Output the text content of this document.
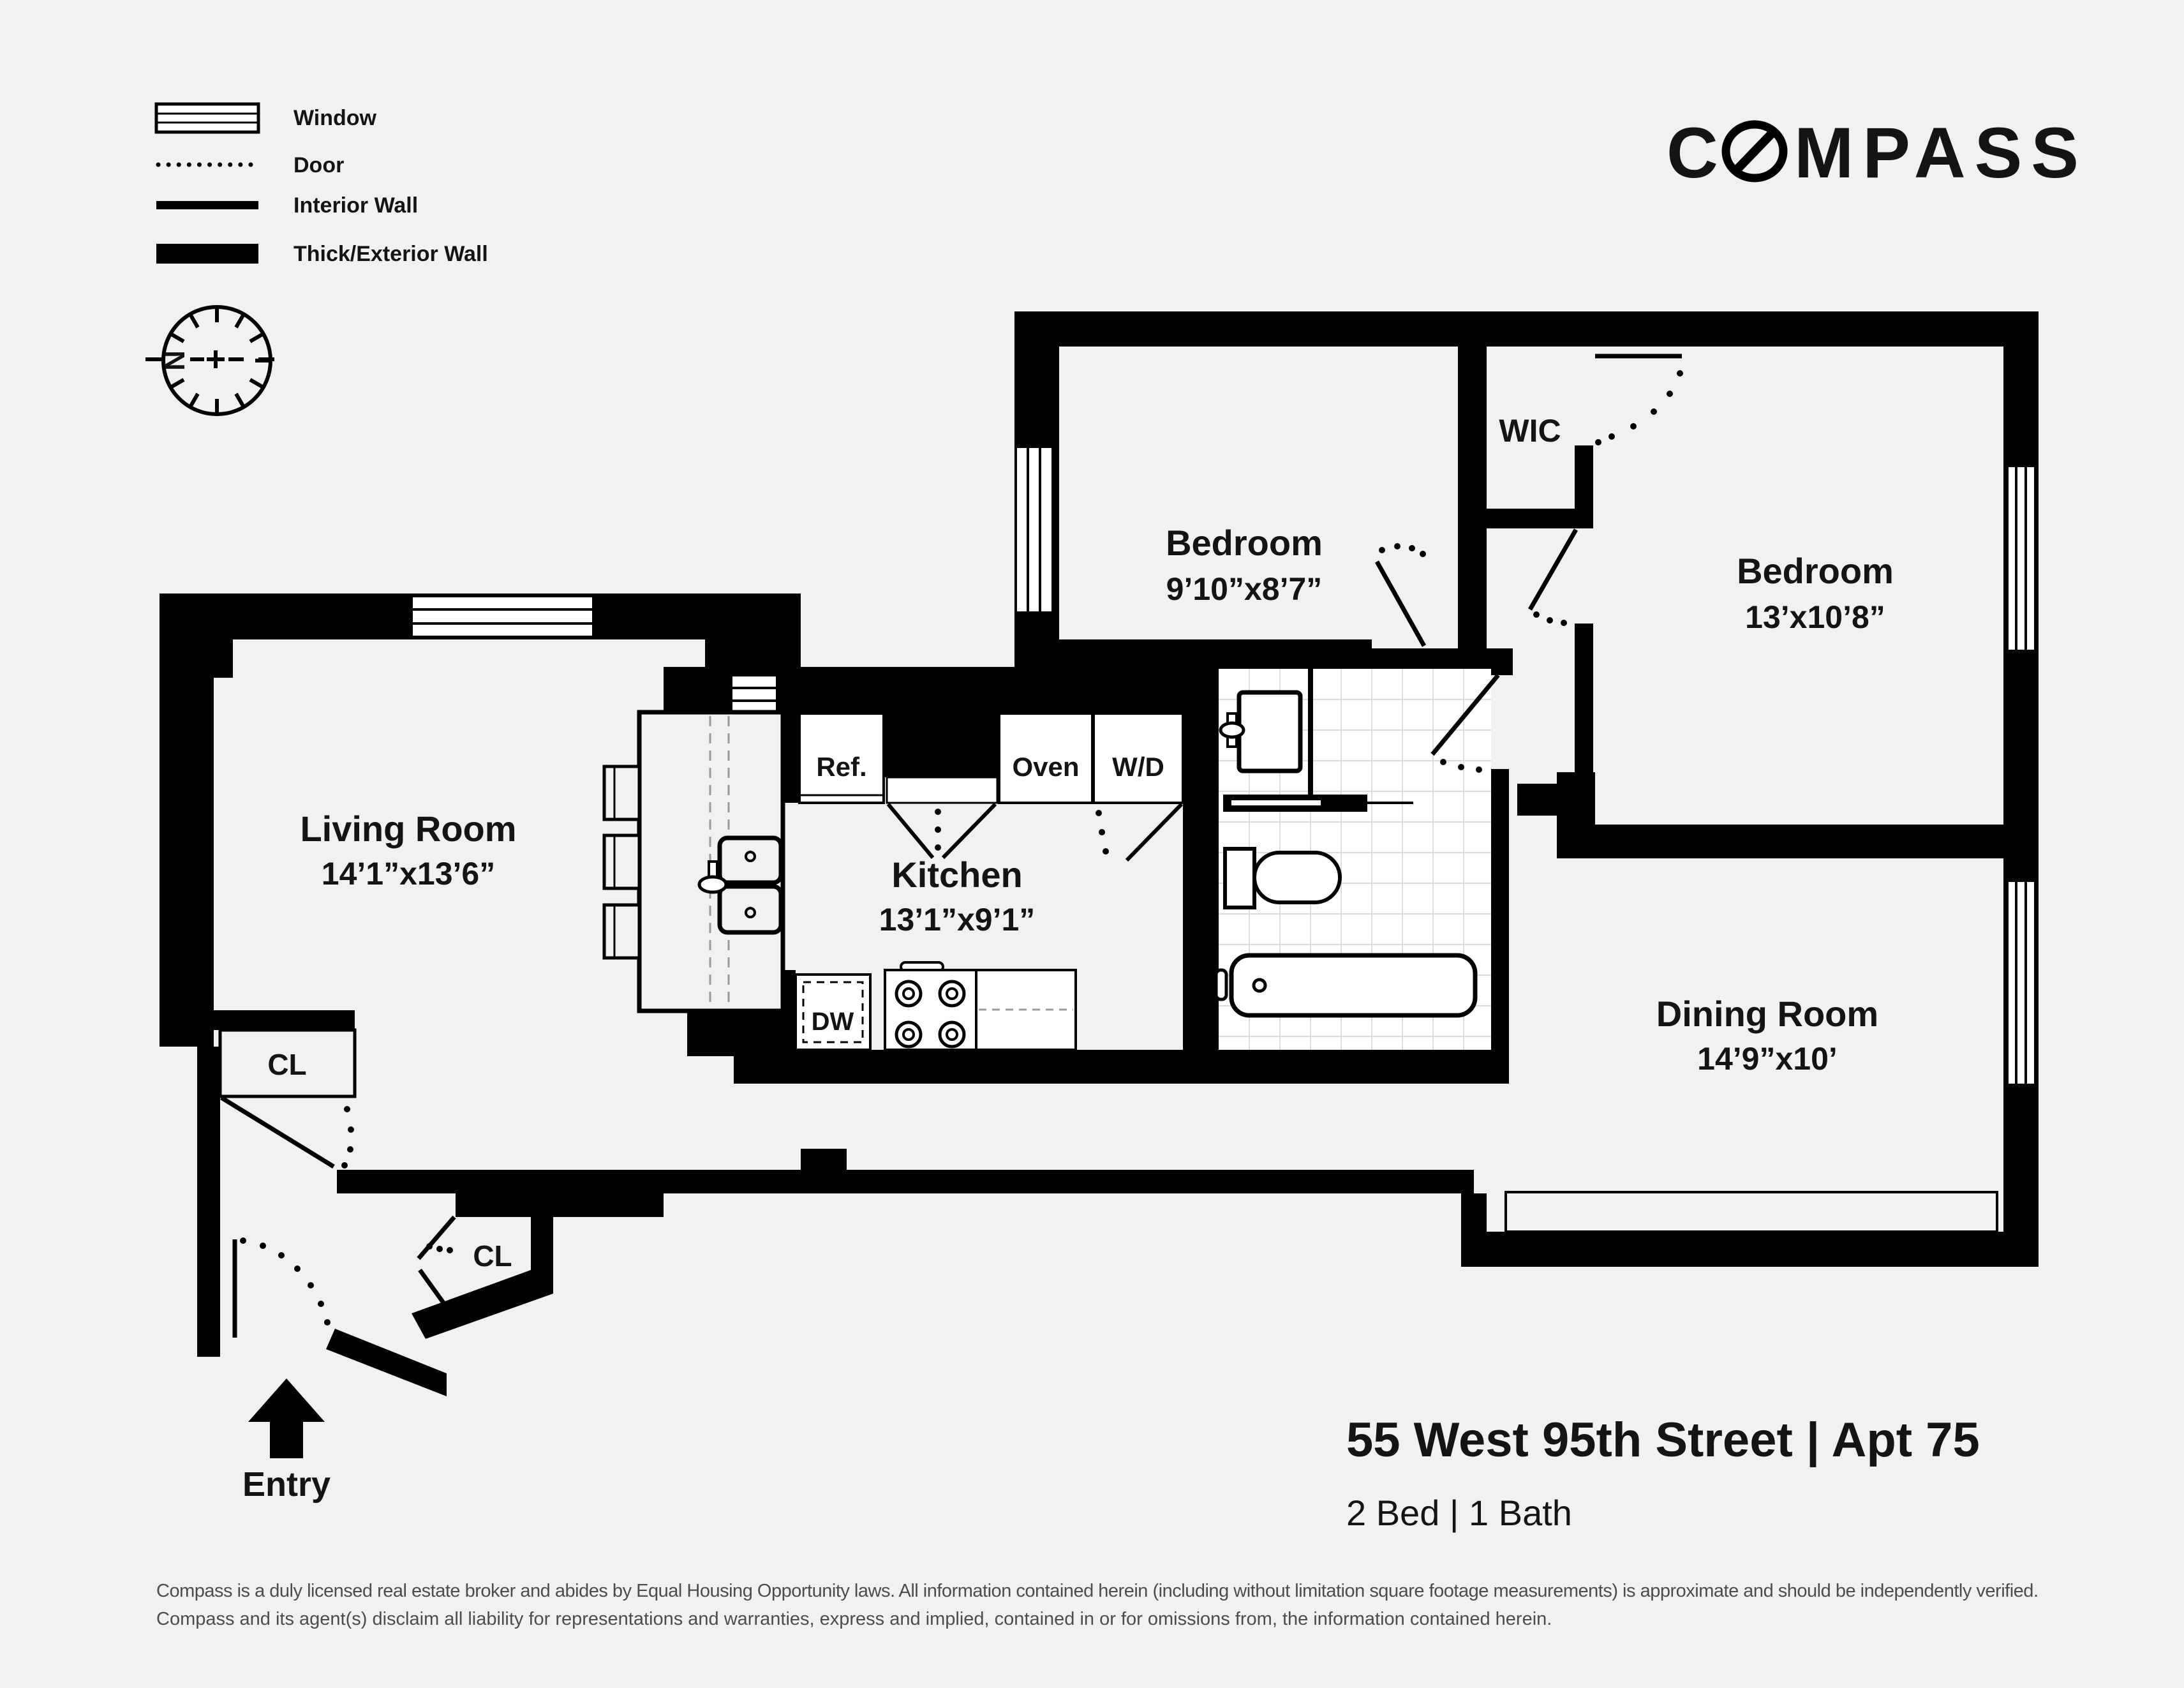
Window
Door
Interior Wall
Thick/Exterior Wall
N
C MPASS
Ref.	Oven W/D
DW
CL
CL
Living Room
14’1”x13’6”	Kitchen
13’1”x9’1”
Bedroom
9’10”x8’7”
WIC
Bedroom
13’x10’8”
Dining Room
14’9”x10’
Entry
55 West 95th Street | Apt 75
2 Bed | 1 Bath
Compass is a duly licensed real estate broker and abides by Equal Housing Opportunity laws. All information contained herein (including without limitation square footage measurements) is approximate and should be independently verified.
Compass and its agent(s) disclaim all liability for representations and warranties, express and implied, contained in or for omissions from, the information contained herein.
